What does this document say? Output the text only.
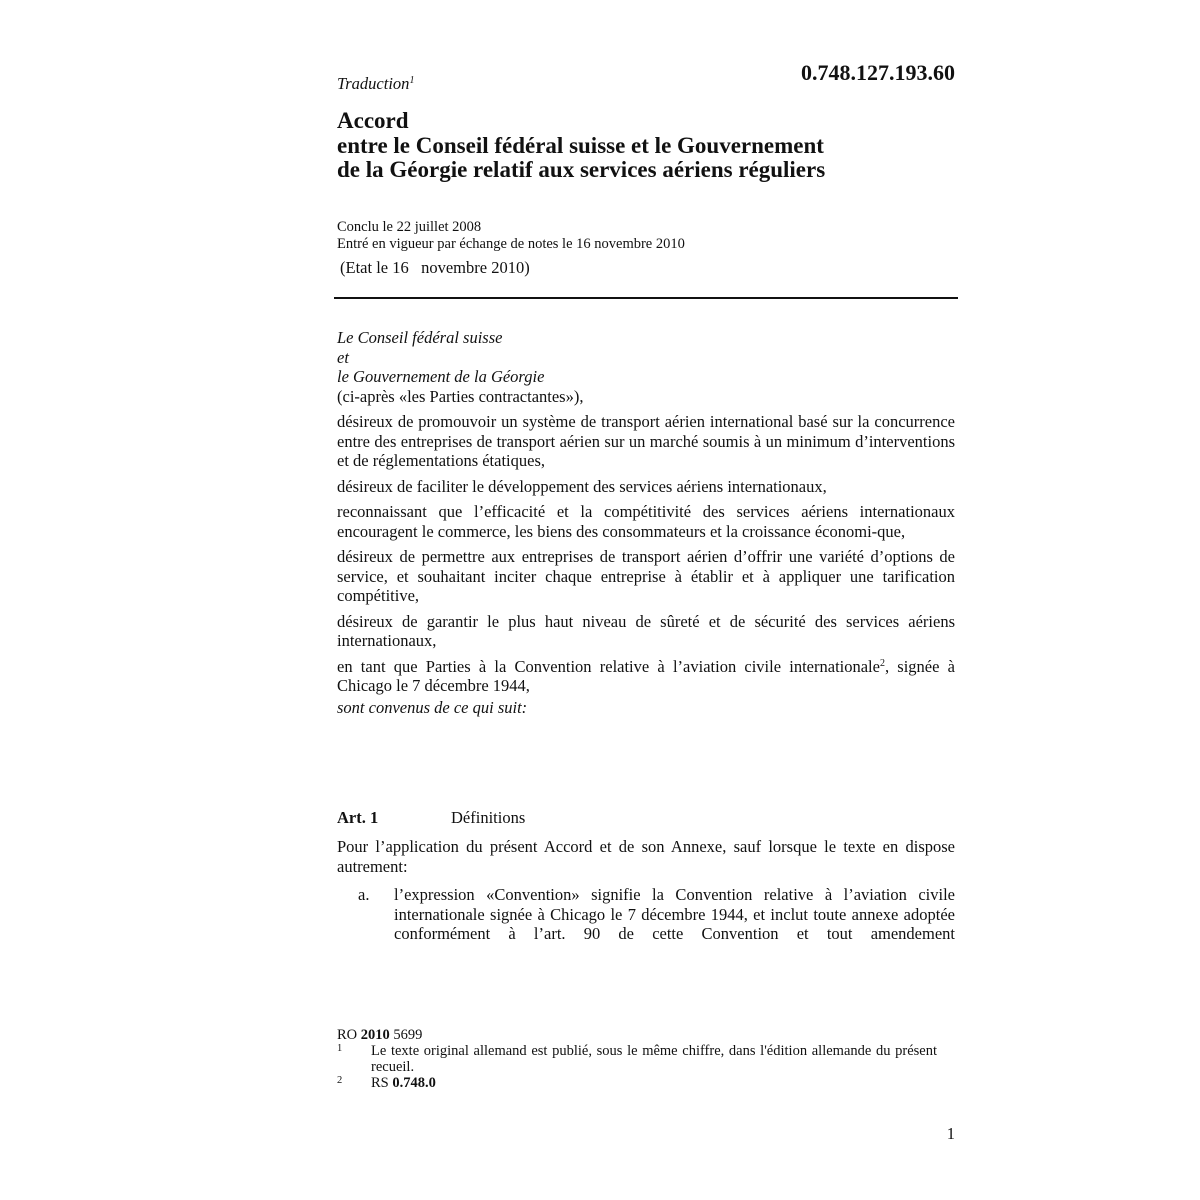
Traduction$^1$	0.748.127.193.60
Accord
entre le Conseil fédéral suisse et le Gouvernement
de la Géorgie relatif aux services aériens réguliers
Conclu le 22 juillet 2008
Entré en vigueur par échange de notes le 16 novembre 2010
(Etat le 16   novembre 2010)
Le Conseil fédéral suisse
et
le Gouvernement de la Géorgie
(ci-après «les Parties contractantes»),
désireux de promouvoir un système de transport aérien international basé sur la concurrence entre des entreprises de transport aérien sur un marché soumis à un minimum d’interventions et de réglementations étatiques,
désireux de faciliter le développement des services aériens internationaux,
reconnaissant que l’efficacité et la compétitivité des services aériens internationaux encouragent le commerce, les biens des consommateurs et la croissance économi-que,
désireux de permettre aux entreprises de transport aérien d’offrir une variété d’options de service, et souhaitant inciter chaque entreprise à établir et à appliquer une tarification compétitive,
désireux de garantir le plus haut niveau de sûreté et de sécurité des services aériens internationaux,
en tant que Parties à la Convention relative à l’aviation civile internationale$^2$, signée à Chicago le 7 décembre 1944,
sont convenus de ce qui suit:
Art. 1	Définitions
Pour l’application du présent Accord et de son Annexe, sauf lorsque le texte en dispose autrement:
a. l’expression «Convention» signifie la Convention relative à l’aviation civile internationale signée à Chicago le 7 décembre 1944, et inclut toute annexe adoptée conformément à l’art. 90 de cette Convention et tout amendement
RO 2010 5699
1 Le texte original allemand est publié, sous le même chiffre, dans l'édition allemande du présent recueil.
2 RS 0.748.0
1
